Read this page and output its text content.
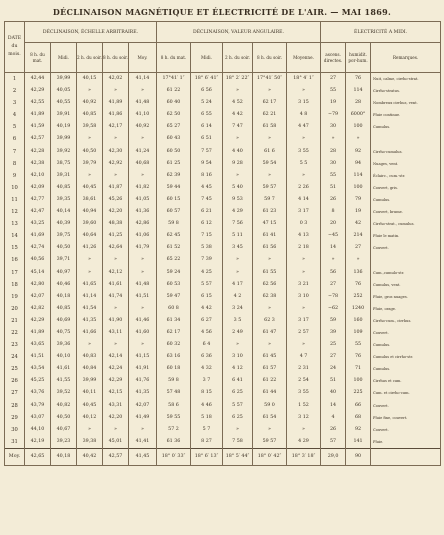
DÉCLINAISON MAGNÉTIQUE ET ÉLECTRICITÉ DE L'AIR. — MAI 1869.
DATE du mois.	DÉCLINAISON, ÉCHELLE ARBITRAIRE.					DÉCLINAISON, VALEUR ANGULAIRE.					ÉLECTRICITÉ A MIDI.		
	8 h. du mat.	Midi.	2 h. du soir.	8 h. du soir.	Moy.	8 h. du mat.	Midi.	2 h. du soir.	8 h. du soir.	Moyenne.	ascens. directes.	humidit. por-hum.	Remarques.
1	42,44	39,99	40,15	42,02	41,14	17°41′ 1″	18° 6′ 41″	18° 2′ 22″	17°41′ 50″	18° 4′ 1″	27	76	Nuit, calme, cirrho-strat.
2	42,29	40,05	»	»	»	61 22	6 56	»	»	»	55	114	Cirrho-stratus.
3	42,55	40,55	40,92	41,89	41,48	60 40	5 24	4 52	62 17	3 15	19	28	Nombreux cirrhus, vent.
4	41,89	39,91	40,85	41,86	41,10	62 50	6 55	4 42	62 21	4 8	−79	6000°	Pluie continue.
5	41,59	40,19	39,58	42,17	40,92	65 27	6 14	7 47	61 58	4 47	30	100	Cumulus.
6	42,57	39,99	»	»	»	60 43	6 51	»	»	»	»	»	
7	42,28	39,92	40,50	42,30	41,24	60 50	7 57	4 40	61 6	3 55	28	92	Cirrho-cumulus.
8	42,38	38,75	39,79	42,92	40,68	61 25	9 54	9 28	59 54	5 5	30	94	Nuages, vent.
9	42,10	39,31	»	»	»	62 39	8 16	»	»	»	55	114	Éclairc., cum.-str.
10	42,09	40,85	40,45	41,87	41,82	59 44	4 45	5 40	59 57	2 26	51	100	Couvert, gris.
11	42,77	39,35	38,61	45,26	41,05	60 15	7 45	9 53	59 7	4 14	26	79	Cumulus.
12	42,47	40,14	40,94	42,20	41,36	60 57	6 21	4 29	61 23	3 17	8	19	Couvert, brume.
13	43,25	40,39	39,60	48,38	42,86	59 8	6 12	7 56	47 15	0 3	20	42	Cirrho-strat., cumulus.
14	41,69	39,75	40,64	41,25	41,06	62 45	7 15	5 11	61 41	4 13	−45	214	Pluie le matin.
15	42,74	40,50	41,26	42,64	41,79	61 52	5 38	3 45	61 56	2 18	14	27	Couvert.
16	40,56	39,71	»	»	»	65 22	7 39	»	»	»	»	»	
17	45,14	40,97	»	42,12	»	59 24	4 25	»	61 55	»	56	136	Cum.,cumulo-str.
18	42,80	40,46	41,65	41,61	41,48	60 53	5 57	4 17	62 56	3 21	27	76	Cumulus, vent.
19	42,07	40,18	41,14	41,74	41,51	59 47	6 15	4 2	62 38	3 10	−78	252	Pluie, gros nuages.
20	42,82	40,85	41,54	»	»	60 8	4 42	3 24	»	»	−62	1240	Pluie, orage.
21	42,29	40,69	41,35	41,90	41,46	61 34	6 27	3 5	62 3	3 17	59	160	Cirrho-cum., cirrhus.
22	41,89	40,75	41,66	43,11	41,60	62 17	4 56	2 49	61 47	2 57	39	109	Couvert.
23	43,65	39,36	»	»	»	60 32	6 4	»	»	»	25	55	Cumulus.
24	41,51	40,10	40,83	42,14	41,15	63 16	6 36	3 10	61 45	4 7	27	76	Cumulus et cirrho-str.
25	43,54	41,61	40,84	42,24	41,91	60 18	4 32	4 12	61 57	2 31	24	71	Cumulus.
26	45,25	41,55	39,99	42,29	41,76	59 8	3 7	6 41	61 22	2 54	51	100	Cirrhus et cum.
27	43,76	39,52	40,11	42,15	41,35	57 48	8 15	6 25	61 44	3 55	40	225	Cum. et cirrho-cum.
28	43,79	40,82	40,45	43,31	42,07	58 6	4 46	5 57	59 0	1 52	14	66	Couvert.
29	43,07	40,50	40,12	42,20	41,49	59 55	5 18	6 25	61 54	3 12	4	68	Pluie fine, couvert.
30	44,10	40,67	»	»	»	57 2	5 7	»	»	»	26	92	Couvert.
31	42,19	39,23	39,38	45,01	41,41	61 36	8 27	7 58	59 57	4 29	57	141	Pluie.
Moy.	42,65	40,18	40,42	42,57	41,45	18° 0′ 33″	18° 6′ 13″	18° 5′ 44″	18° 0′ 42″	18° 3′ 18″	29,0	90	
